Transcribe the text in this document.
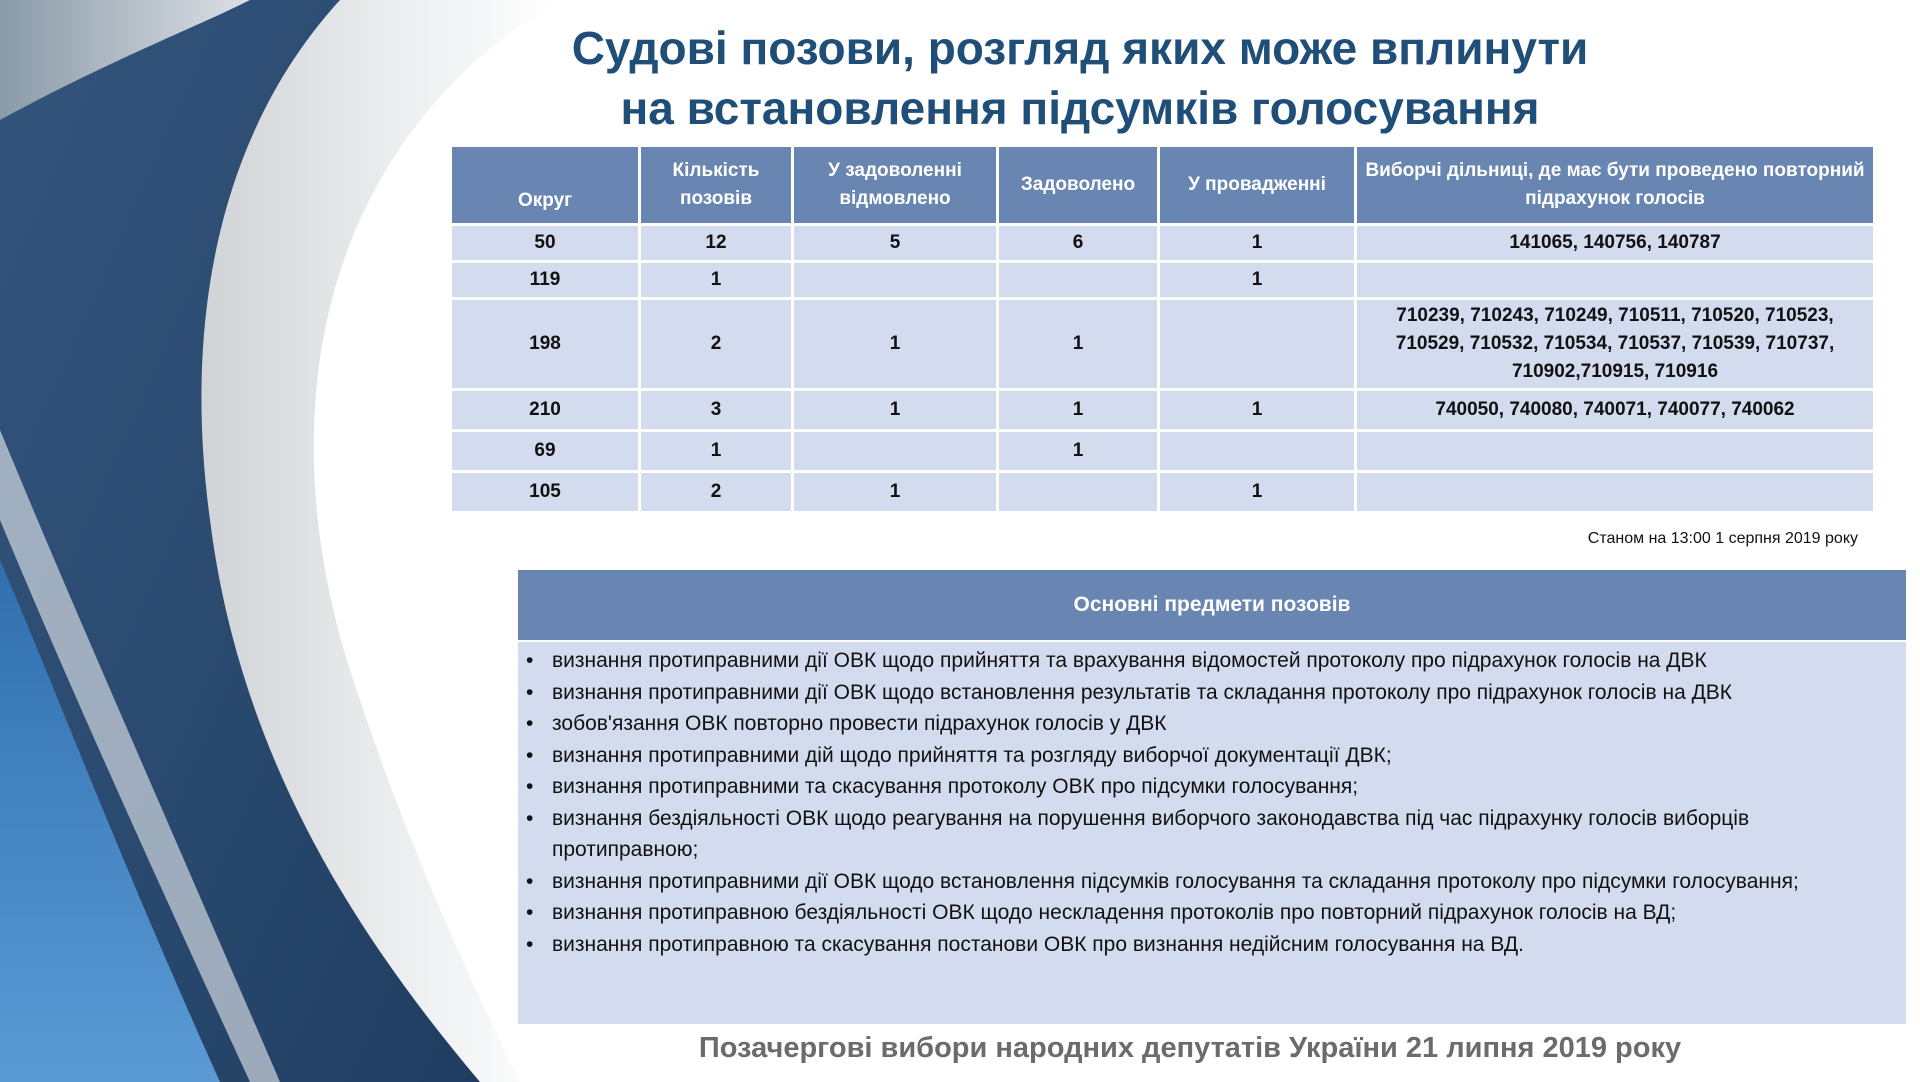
Судові позови, розгляд яких може вплинути
на встановлення підсумків голосування
Округ	Кількість позовів	У задоволенні відмовлено	Задоволено	У провадженні	Виборчі дільниці, де має бути проведено повторний підрахунок голосів
50	12	5	6	1	141065, 140756, 140787
119	1			1	
198	2	1	1		710239, 710243, 710249, 710511, 710520, 710523, 710529, 710532, 710534, 710537, 710539, 710737, 710902,710915, 710916
210	3	1	1	1	740050, 740080, 740071, 740077, 740062
69	1		1		
105	2	1		1	
Станом на 13:00 1 серпня 2019 року
Основні предмети позовів
• визнання протиправними дії ОВК щодо прийняття та врахування відомостей протоколу про підрахунок голосів на ДВК
• визнання протиправними дії ОВК щодо встановлення результатів та складання протоколу про підрахунок голосів на ДВК
• зобов'язання ОВК повторно провести підрахунок голосів у ДВК
• визнання протиправними дій щодо прийняття та розгляду виборчої документації ДВК;
• визнання протиправними та скасування протоколу ОВК про підсумки голосування;
• визнання бездіяльності ОВК щодо реагування на порушення виборчого законодавства під час підрахунку голосів виборців протиправною;
• визнання протиправними дії ОВК щодо встановлення підсумків голосування та складання протоколу про підсумки голосування;
• визнання протиправною бездіяльності ОВК щодо нескладення протоколів про повторний підрахунок голосів на ВД;
• визнання протиправною та скасування постанови ОВК про визнання недійсним голосування на ВД.
Позачергові вибори народних депутатів України 21 липня 2019 року
